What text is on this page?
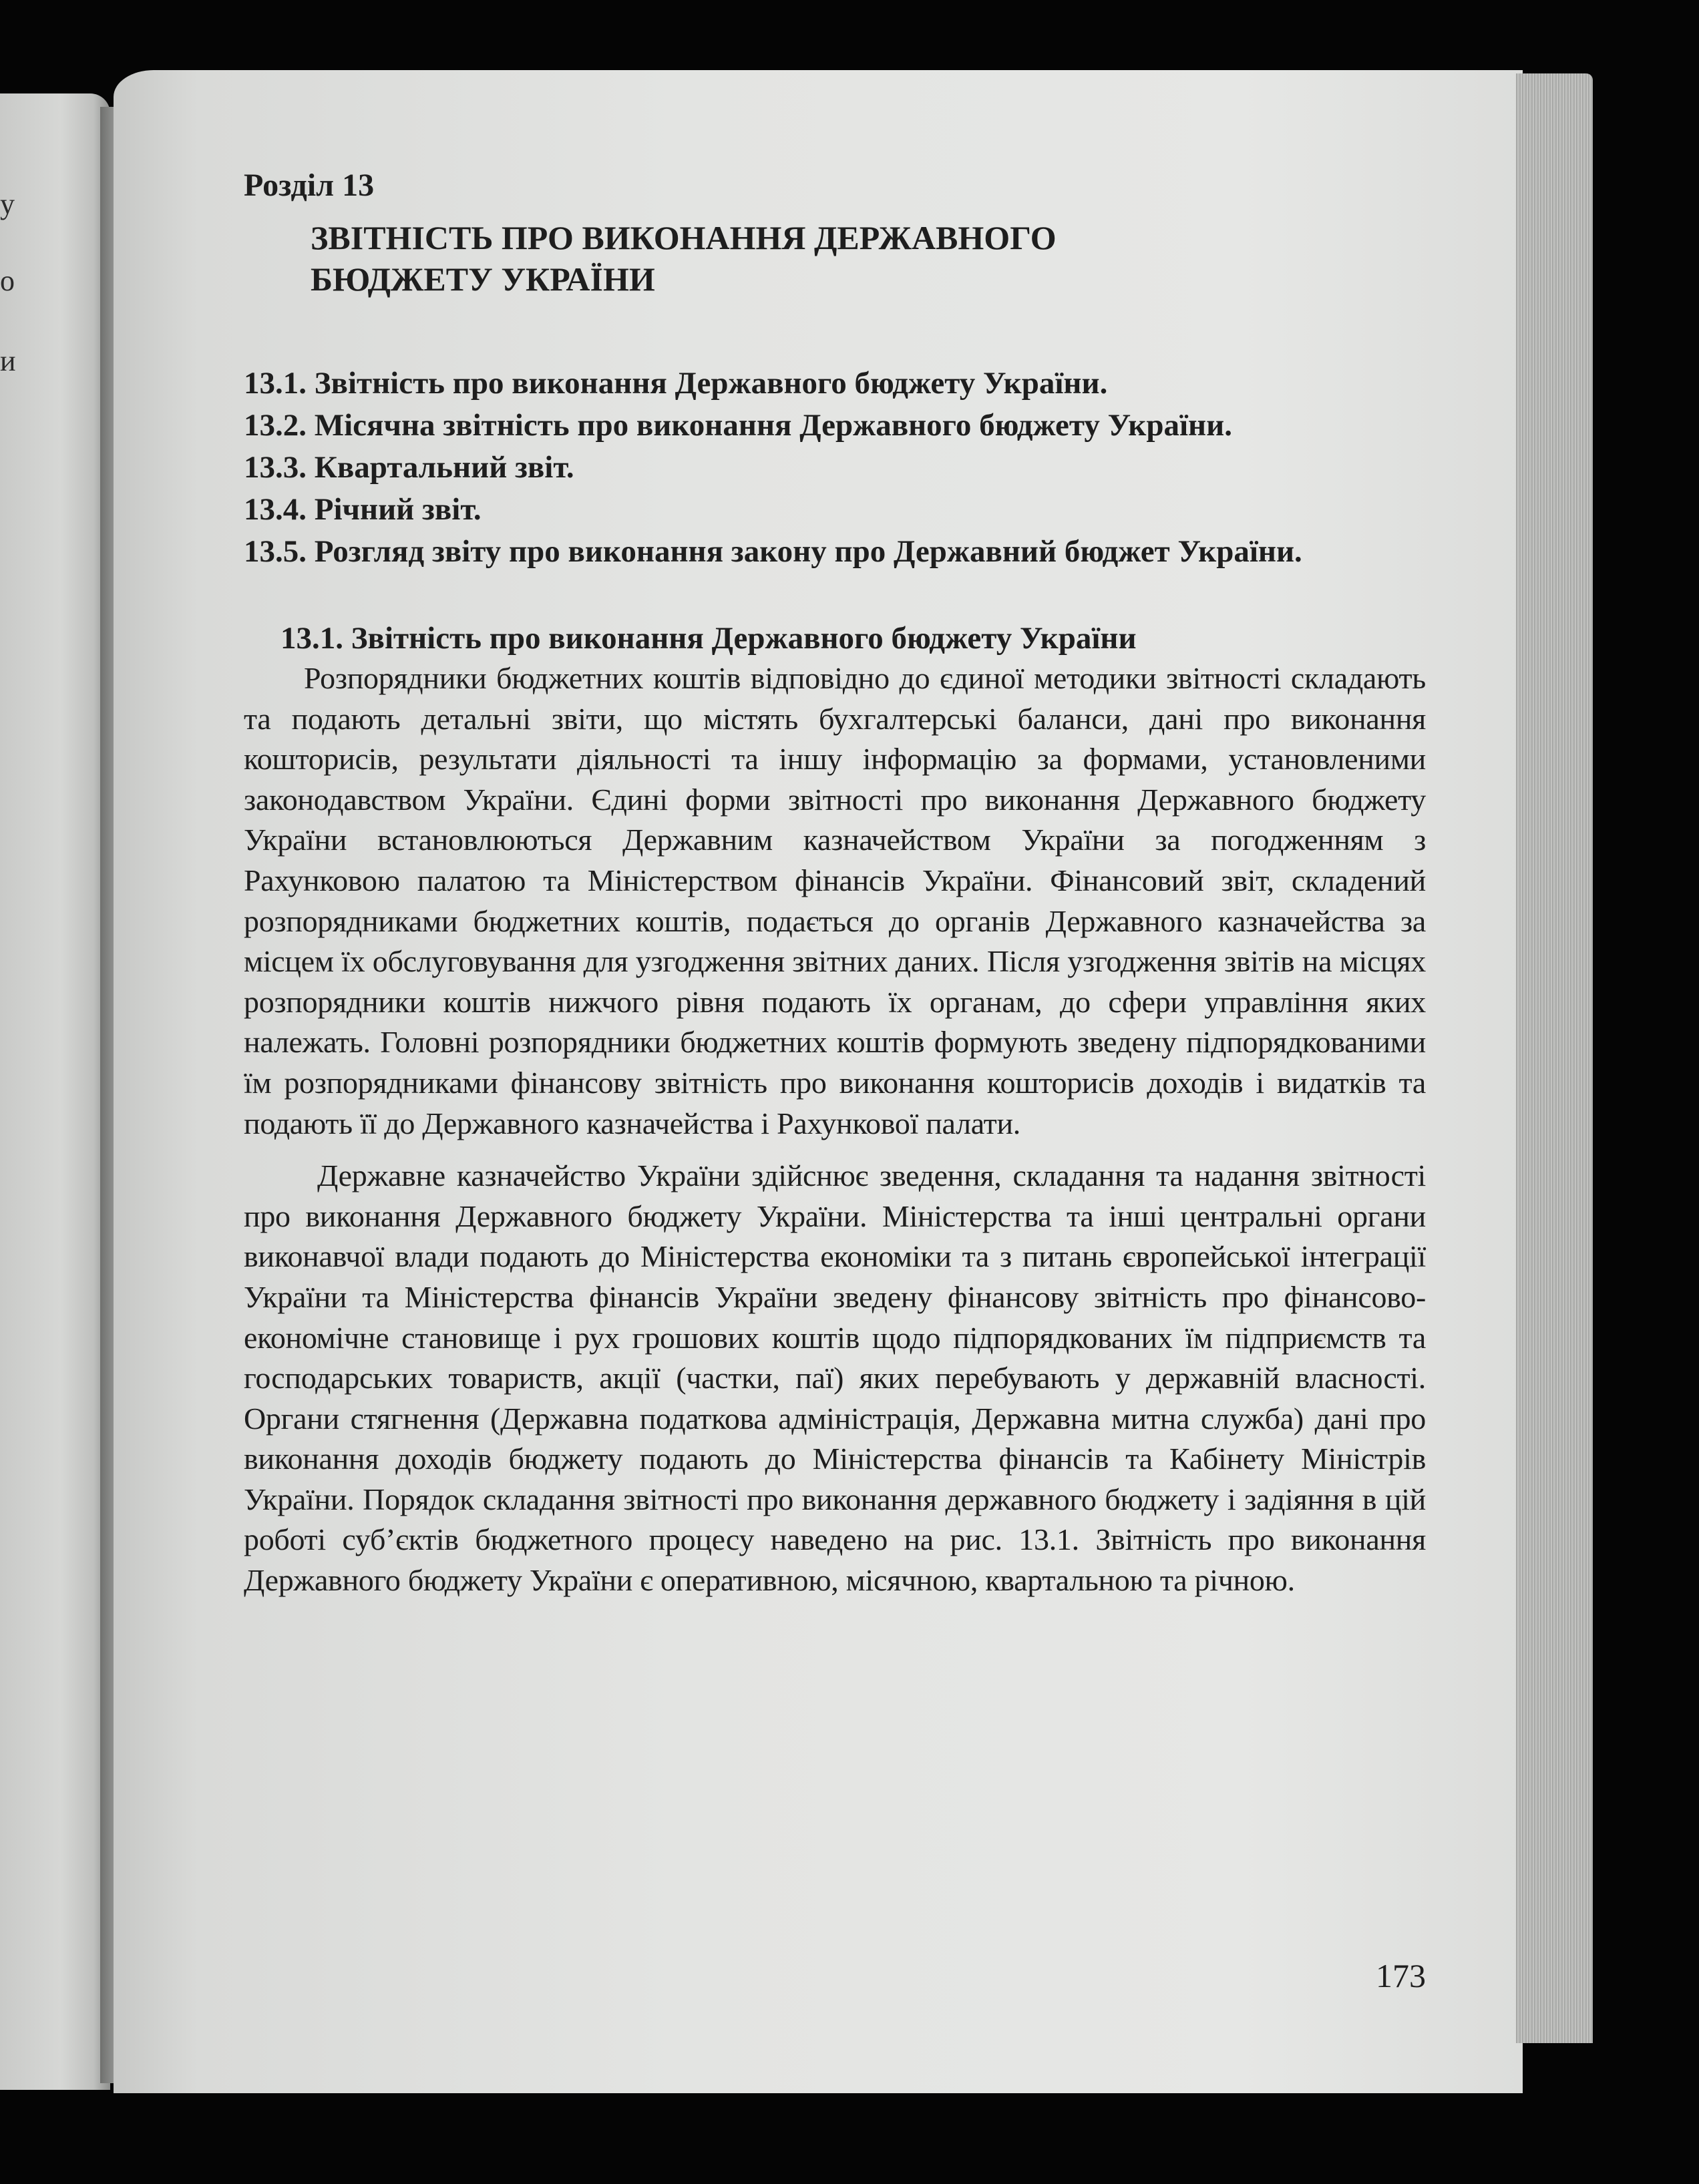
у
о
и
Розділ 13
ЗВІТНІСТЬ ПРО ВИКОНАННЯ ДЕРЖАВНОГО
БЮДЖЕТУ УКРАЇНИ
13.1. Звітність про виконання Державного бюджету України.
13.2. Місячна звітність про виконання Державного бюджету України.
13.3. Квартальний звіт.
13.4. Річний звіт.
13.5. Розгляд звіту про виконання закону про Державний бюджет України.
13.1. Звітність про виконання Державного бюджету України

Розпорядники бюджетних коштів відповідно до єдиної методики звітності складають та подають детальні звіти, що містять бухгалтерські баланси, дані про виконання кошторисів, результати діяльності та іншу інформацію за формами, установленими законодавством України. Єдині форми звітності про виконання Державного бюджету України встановлюються Державним казначейством України за погодженням з Рахунковою палатою та Міністерством фінансів України. Фінансовий звіт, складений розпорядниками бюджетних коштів, подається до органів Державного казначейства за місцем їх обслуговування для узгодження звітних даних. Після узгодження звітів на місцях розпорядники коштів нижчого рівня подають їх органам, до сфери управління яких належать. Головні розпорядники бюджетних коштів формують зведену підпорядкованими їм розпорядниками фінансову звітність про виконання кошторисів доходів і видатків та подають її до Державного казначейства і Рахункової палати.

Державне казначейство України здійснює зведення, складання та надання звітності про виконання Державного бюджету України. Міністерства та інші центральні органи виконавчої влади подають до Міністерства економіки та з питань європейської інтеграції України та Міністерства фінансів України зведену фінансову звітність про фінансово-економічне становище і рух грошових коштів щодо підпорядкованих їм підприємств та господарських товариств, акції (частки, паї) яких перебувають у державній власності. Органи стягнення (Державна податкова адміністрація, Державна митна служба) дані про виконання доходів бюджету подають до Міністерства фінансів та Кабінету Міністрів України. Порядок складання звітності про виконання державного бюджету і задіяння в цій роботі суб’єктів бюджетного процесу наведено на рис. 13.1. Звітність про виконання Державного бюджету України є оперативною, місячною, квартальною та річною.

173
